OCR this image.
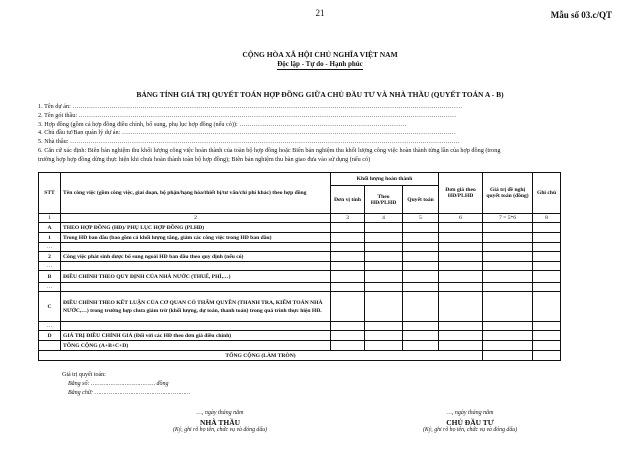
21	Mẫu số 03.c/QT
CỘNG HÒA XÃ HỘI CHỦ NGHĨA VIỆT NAM
Độc lập - Tự do - Hạnh phúc
BẢNG TÍNH GIÁ TRỊ QUYẾT TOÁN HỢP ĐỒNG GIỮA CHỦ ĐẦU TƯ VÀ NHÀ THẦU (QUYẾT TOÁN A - B)
1. Tên dự án: ………………………………………………………………………………………………………………………………………………………………………
2. Tên gói thầu: …………………………………………………………………………………………………………………………………………………………………
3. Hợp đồng (gồm cả hợp đồng điều chỉnh, bổ sung, phụ lục hợp đồng (nếu có)): ………………………………………………………………………
4. Chủ đầu tư/Ban quản lý dự án: ………………………………………………………………………………………………………………………………………………
5. Nhà thầu: ………………………………………………………………………………………………………………………………………………………………………
6. Căn cứ xác định: Biên bản nghiệm thu khối lượng công việc hoàn thành của toàn bộ hợp đồng hoặc Biên bản nghiệm thu khối lượng công việc hoàn thành từng lần của hợp đồng (trong
trường hợp hợp đồng dừng thực hiện khi chưa hoàn thành toàn bộ hợp đồng); Biên bản nghiệm thu bàn giao đưa vào sử dụng (nếu có)
STT	Tên công việc (gồm công việc, giai đoạn, bộ phận/hạng hóa/thiết bị/tư vấn/chi phí khác) theo hợp đồng	Khối lượng hoàn thành			Đơn giá theo HĐ/PLHĐ	Giá trị đề nghị quyết toán (đồng)	Ghi chú
		Đơn vị tính	Theo HĐ/PLHĐ	Quyết toán			
1	2	3	4	5	6	7 = 5*6	8
A	THEO HỢP ĐỒNG (HĐ)/ PHỤ LỤC HỢP ĐỒNG (PLHĐ)						
1	Trong HĐ ban đầu (bao gồm cả khối lượng tăng, giảm các công việc trong HĐ ban đầu)						
…							
2	Công việc phát sinh được bổ sung ngoài HĐ ban đầu theo quy định (nếu có)						
…							
B	ĐIỀU CHỈNH THEO QUY ĐỊNH CỦA NHÀ NƯỚC (THUẾ, PHÍ,…)						
…							
C	ĐIỀU CHỈNH THEO KẾT LUẬN CỦA CƠ QUAN CÓ THẨM QUYỀN (THANH TRA, KIỂM TOÁN NHÀ NƯỚC,…) trong trường hợp chưa giảm trừ (khối lượng, dự toán, thanh toán) trong quá trình thực hiện HĐ.						
…							
D	GIÁ TRỊ ĐIỀU CHỈNH GIÁ (Đối với các HĐ theo đơn giá điều chỉnh)						
	TỔNG CỘNG (A+B+C+D)						
TỔNG CỘNG (LÀM TRÒN)							
Giá trị quyết toán:
Bằng số: ……………………………… đồng
Bằng chữ: ………………………………………………
…, ngày tháng năm
NHÀ THẦU
(Ký, ghi rõ họ tên, chức vụ và đóng dấu)
…, ngày tháng năm
CHỦ ĐẦU TƯ
(Ký, ghi rõ họ tên, chức vụ và đóng dấu)
